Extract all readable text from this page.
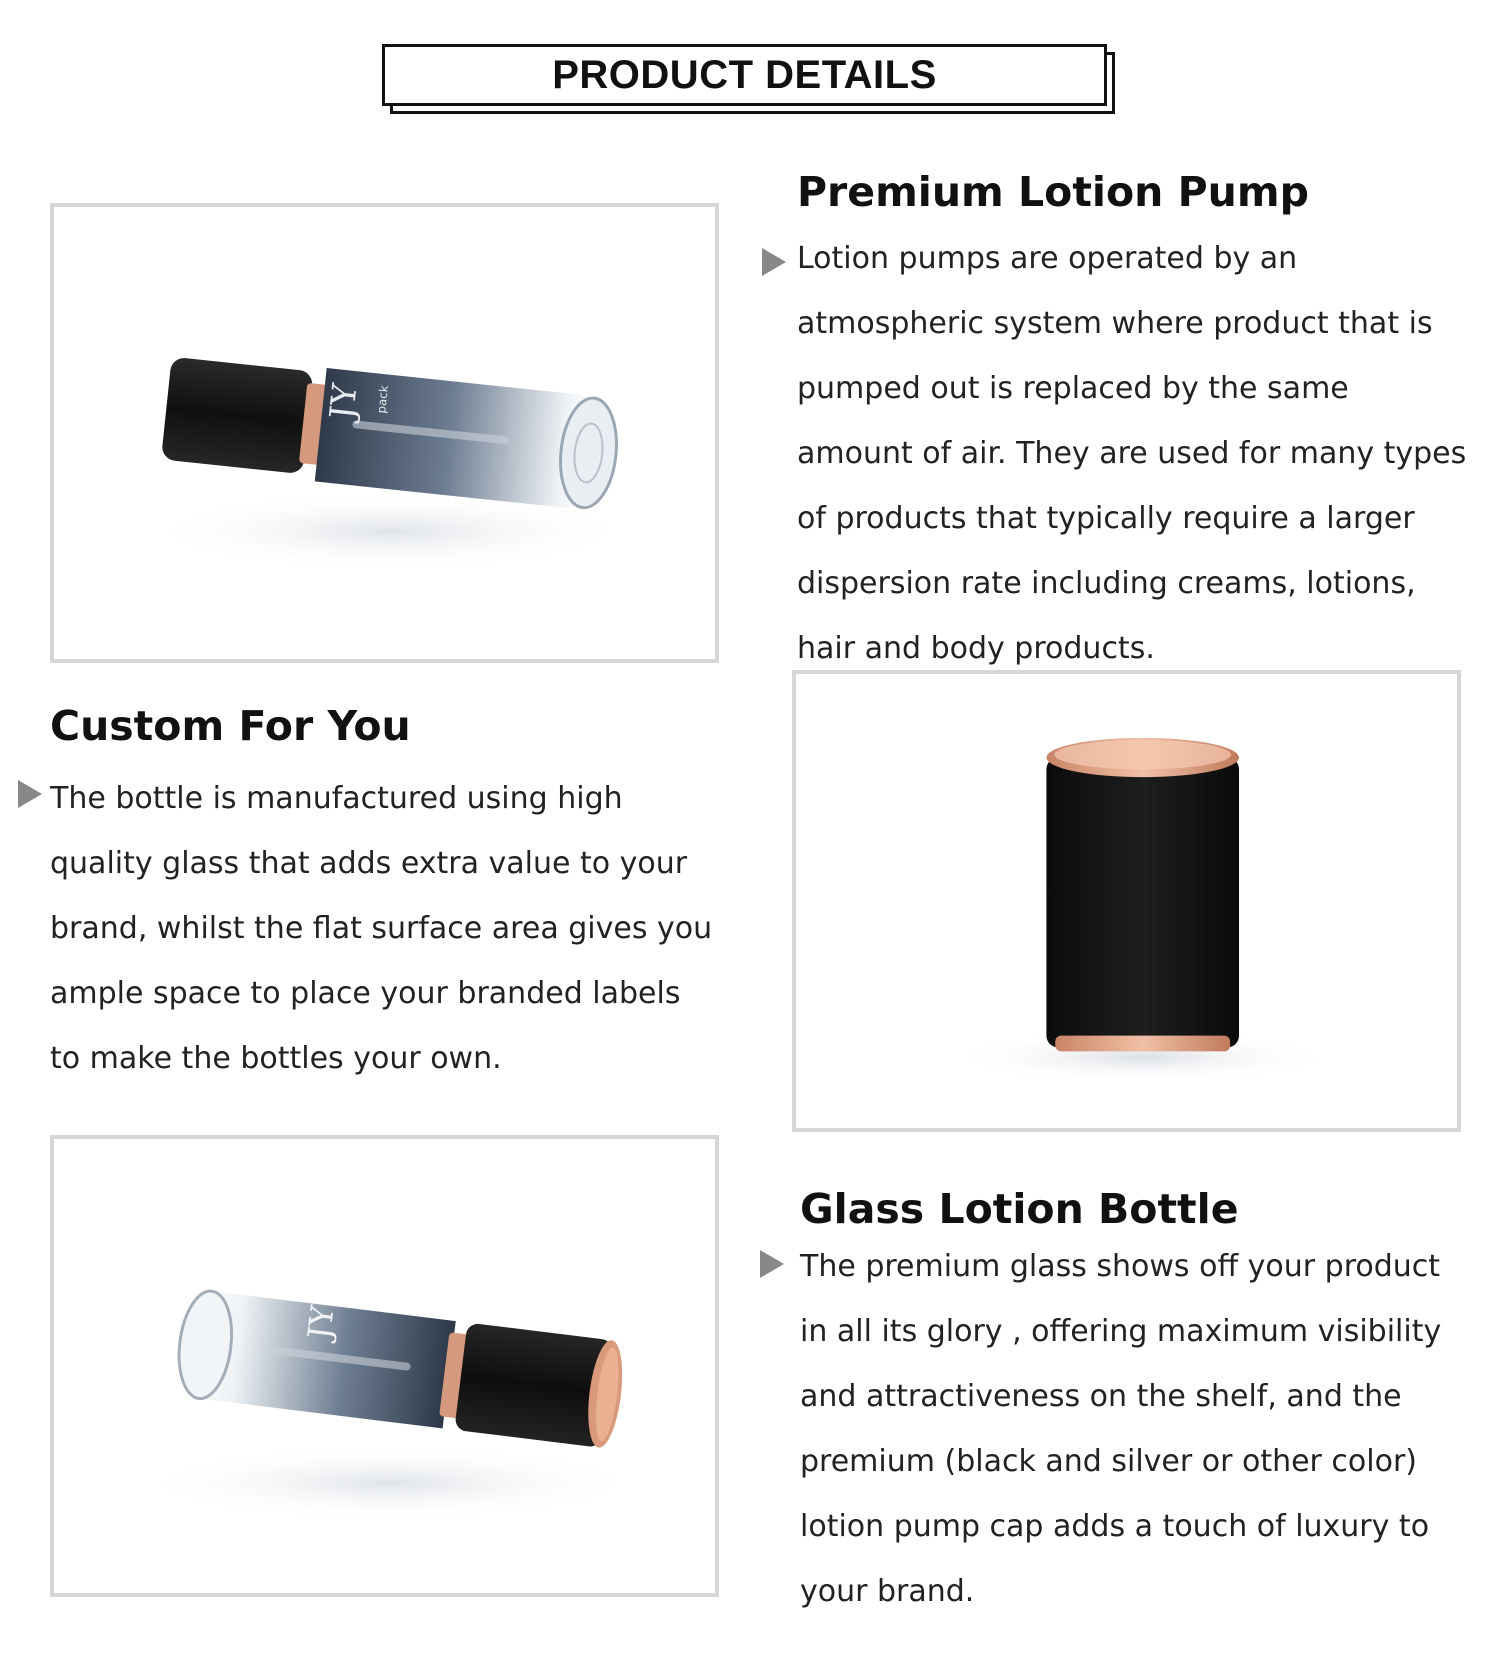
PRODUCT DETAILS
JY pack
Premium Lotion Pump

Lotion pumps are operated by an atmospheric system where product that is pumped out is replaced by the same amount of air. They are used for many types of products that typically require a larger dispersion rate including creams, lotions, hair and body products.

Custom For You

The bottle is manufactured using high quality glass that adds extra value to your brand, whilst the flat surface area gives you ample space to place your branded labels to make the bottles your own.

JY
Glass Lotion Bottle

The premium glass shows off your product in all its glory , offering maximum visibility and attractiveness on the shelf, and the premium (black and silver or other color) lotion pump cap adds a touch of luxury to your brand.
